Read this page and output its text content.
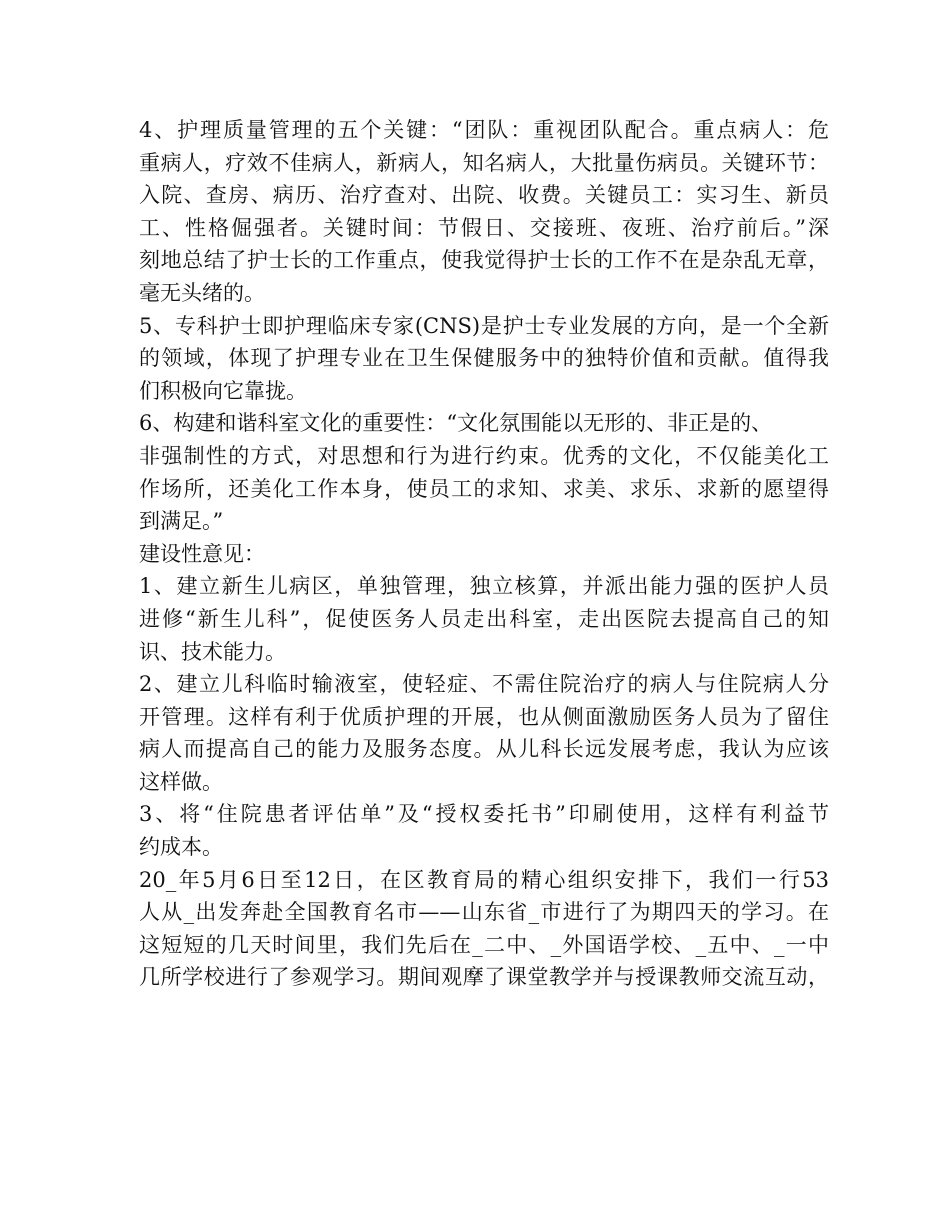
4、护理质量管理的五个关键：“团队：重视团队配合。重点病人：危
重病人，疗效不佳病人，新病人，知名病人，大批量伤病员。关键环节：
入院、查房、病历、治疗查对、出院、收费。关键员工：实习生、新员
工、性格倔强者。关键时间：节假日、交接班、夜班、治疗前后。”深
刻地总结了护士长的工作重点，使我觉得护士长的工作不在是杂乱无章，
毫无头绪的。
5、专科护士即护理临床专家(CNS)是护士专业发展的方向，是一个全新
的领域，体现了护理专业在卫生保健服务中的独特价值和贡献。值得我
们积极向它靠拢。
6、构建和谐科室文化的重要性：“文化氛围能以无形的、非正是的、
非强制性的方式，对思想和行为进行约束。优秀的文化，不仅能美化工
作场所，还美化工作本身，使员工的求知、求美、求乐、求新的愿望得
到满足。”
建设性意见：
1、建立新生儿病区，单独管理，独立核算，并派出能力强的医护人员
进修“新生儿科”，促使医务人员走出科室，走出医院去提高自己的知
识、技术能力。
2、建立儿科临时输液室，使轻症、不需住院治疗的病人与住院病人分
开管理。这样有利于优质护理的开展，也从侧面激励医务人员为了留住
病人而提高自己的能力及服务态度。从儿科长远发展考虑，我认为应该
这样做。
3、将“住院患者评估单”及“授权委托书”印刷使用，这样有利益节
约成本。
20_年5月6日至12日，在区教育局的精心组织安排下，我们一行53
人从_出发奔赴全国教育名市——山东省_市进行了为期四天的学习。在
这短短的几天时间里，我们先后在_二中、_外国语学校、_五中、_一中
几所学校进行了参观学习。期间观摩了课堂教学并与授课教师交流互动，
